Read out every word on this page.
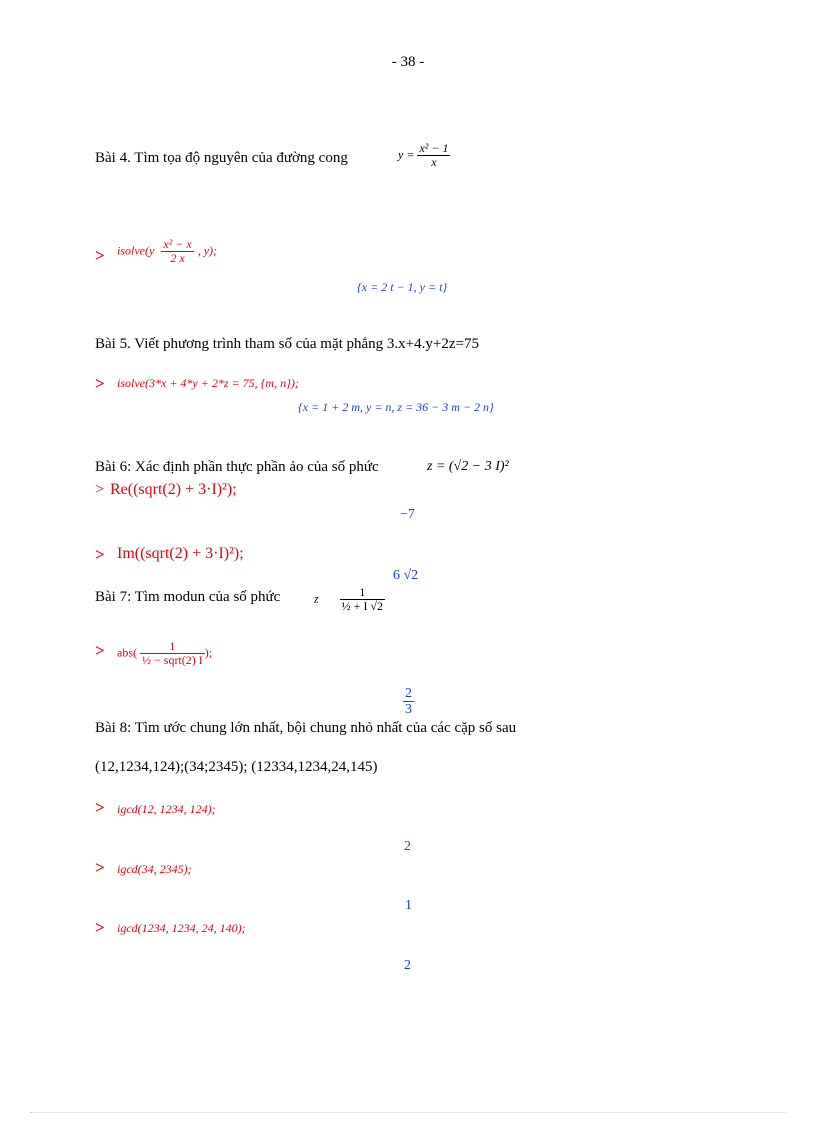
- 38 -
Bài 4. Tìm tọa độ nguyên của đường cong	$y = \frac{\text{x² − 1}}{x}$
> isolve(y $\frac{\text{x² − x}}{2 x}$ , y);
{x = 2 t − 1, y = t}
Bài 5. Viết phương trình tham số của mặt phẳng 3.x+4.y+2z=75
> isolve(3*x + 4*y + 2*z = 75, {m, n});
{x = 1 + 2 m, y = n, z = 36 − 3 m − 2 n}
Bài 6: Xác định phần thực phần ảo của số phức	z = (√2 − 3 I)²
> Re((sqrt(2) + 3·I)²);
−7
> Im((sqrt(2) + 3·I)²);
6 √2
Bài 7: Tìm modun của số phức	z $\frac{1}{\text{½ + I √2}}$
> $abs( \frac{1}{\text{½ − sqrt(2) I}}$ );
$\frac{2}{3}$
Bài 8: Tìm ước chung lớn nhất, bội chung nhỏ nhất của các cặp số sau
(12,1234,124);(34;2345); (12334,1234,24,145)
> igcd(12, 1234, 124);
2
> igcd(34, 2345);
1
> igcd(1234, 1234, 24, 140);
2
